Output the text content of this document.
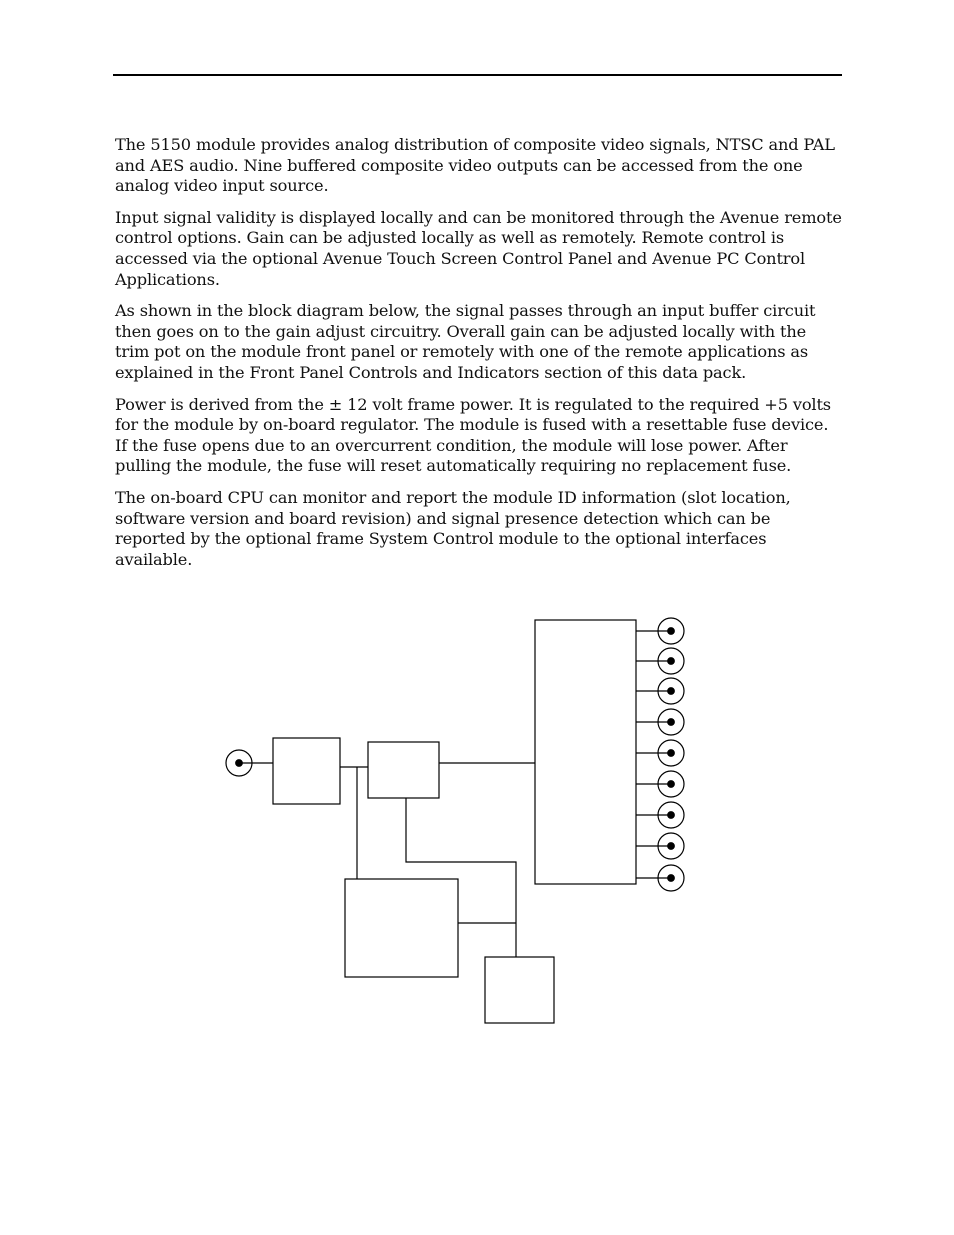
The 5150 module provides analog distribution of composite video signals, NTSC and PAL and AES audio. Nine buffered composite video outputs can be accessed from the one analog video input source.

Input signal validity is displayed locally and can be monitored through the Avenue remote control options. Gain can be adjusted locally as well as remotely. Remote control is accessed via the optional Avenue Touch Screen Control Panel and Avenue PC Control Applications.

As shown in the block diagram below, the signal passes through an input buffer circuit then goes on to the gain adjust circuitry. Overall gain can be adjusted locally with the trim pot on the module front panel or remotely with one of the remote applications as explained in the Front Panel Controls and Indicators section of this data pack.

Power is derived from the ± 12 volt frame power. It is regulated to the required +5 volts for the module by on-board regulator. The module is fused with a resettable fuse device. If the fuse opens due to an overcurrent condition, the module will lose power. After pulling the module, the fuse will reset automatically requiring no replacement fuse.

The on-board CPU can monitor and report the module ID information (slot location, software version and board revision) and signal presence detection which can be reported by the optional frame System Control module to the optional interfaces available.
